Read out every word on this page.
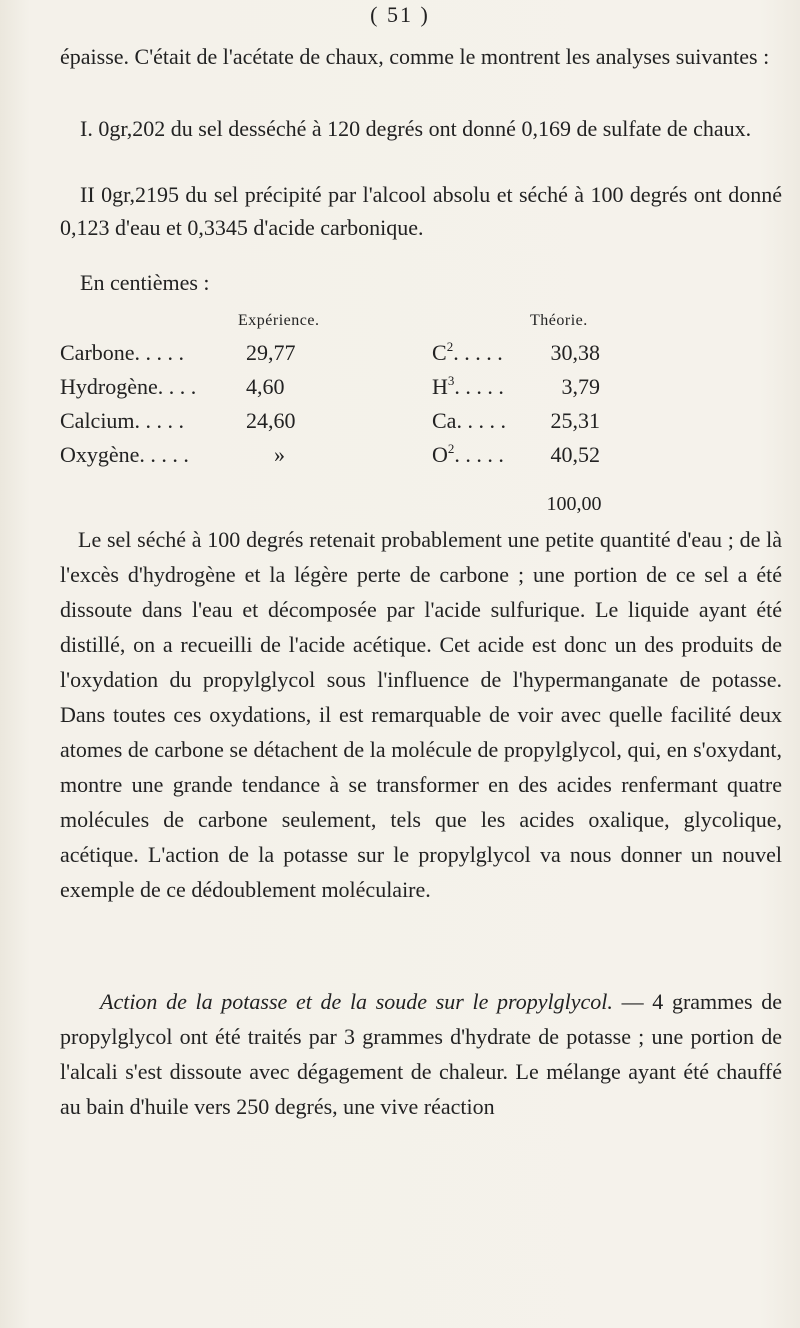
( 51 )
épaisse. C'était de l'acétate de chaux, comme le montrent les analyses suivantes :
I. 0gr,202 du sel desséché à 120 degrés ont donné 0,169 de sulfate de chaux.
II 0gr,2195 du sel précipité par l'alcool absolu et séché à 100 degrés ont donné 0,123 d'eau et 0,3345 d'acide carbonique.
En centièmes :
Expérience.	Théorie.
Carbone. . . . .	29,77	$C^2$. . . . .	30,38
Hydrogène. . . . 4,60	$H^3$. . . . .	3,79
Calcium. . . . .	24,60	Ca. . . . .	25,31
Oxygène. . . . .	»	$O^2$. . . . .	40,52
100,00
Le sel séché à 100 degrés retenait probablement une petite quantité d'eau ; de là l'excès d'hydrogène et la légère perte de carbone ; une portion de ce sel a été dissoute dans l'eau et décomposée par l'acide sulfurique. Le liquide ayant été distillé, on a recueilli de l'acide acétique. Cet acide est donc un des produits de l'oxydation du propylglycol sous l'influence de l'hypermanganate de potasse. Dans toutes ces oxydations, il est remarquable de voir avec quelle facilité deux atomes de carbone se détachent de la molécule de propylglycol, qui, en s'oxydant, montre une grande tendance à se transformer en des acides renfermant quatre molécules de carbone seulement, tels que les acides oxalique, glycolique, acétique. L'action de la potasse sur le propylglycol va nous donner un nouvel exemple de ce dédoublement moléculaire.
Action de la potasse et de la soude sur le propylglycol. — 4 grammes de propylglycol ont été traités par 3 grammes d'hydrate de potasse ; une portion de l'alcali s'est dissoute avec dégagement de chaleur. Le mélange ayant été chauffé au bain d'huile vers 250 degrés, une vive réaction
